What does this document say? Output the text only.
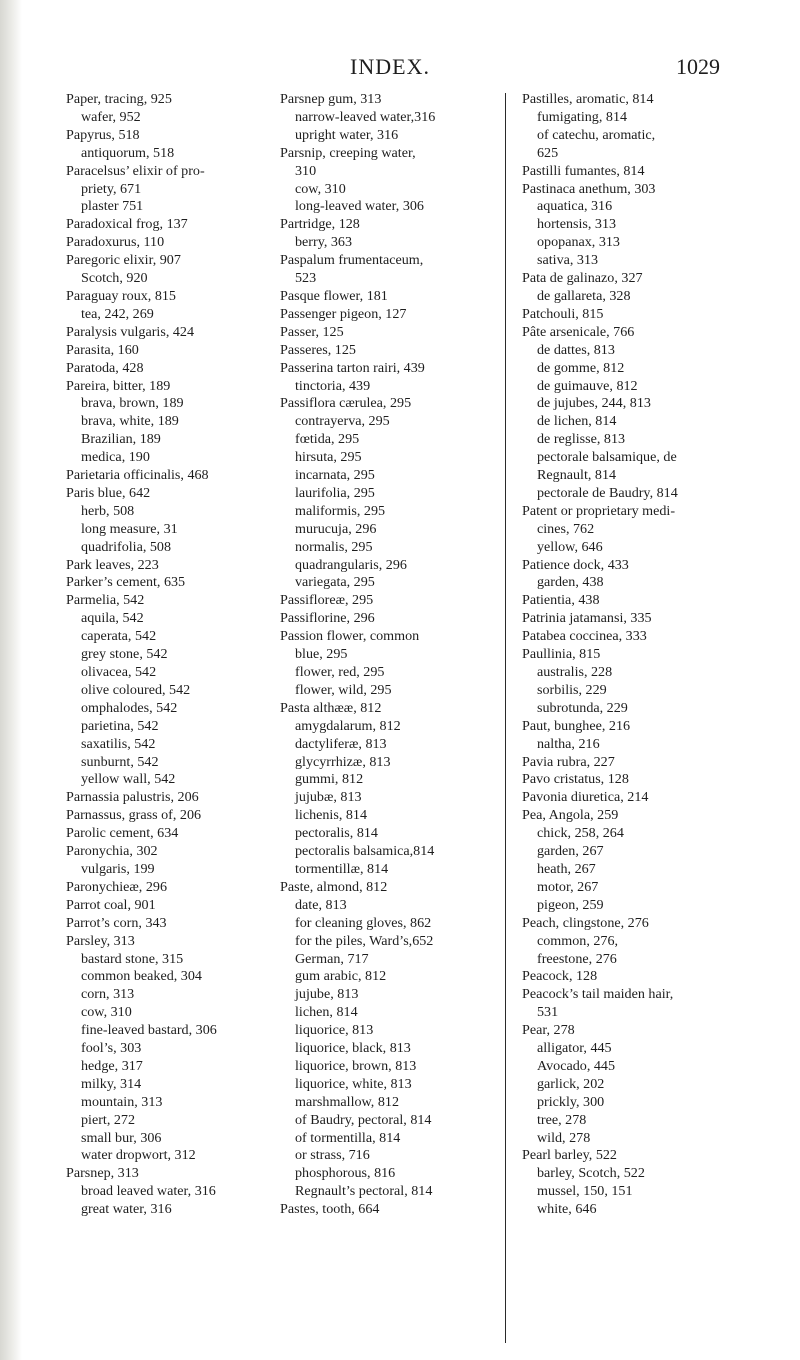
INDEX.	1029
Paper, tracing, 925
wafer, 952
Papyrus, 518
antiquorum, 518
Paracelsus’ elixir of pro-
priety, 671
plaster 751
Paradoxical frog, 137
Paradoxurus, 110
Paregoric elixir, 907
Scotch, 920
Paraguay roux, 815
tea, 242, 269
Paralysis vulgaris, 424
Parasita, 160
Paratoda, 428
Pareira, bitter, 189
brava, brown, 189
brava, white, 189
Brazilian, 189
medica, 190
Parietaria officinalis, 468
Paris blue, 642
herb, 508
long measure, 31
quadrifolia, 508
Park leaves, 223
Parker’s cement, 635
Parmelia, 542
aquila, 542
caperata, 542
grey stone, 542
olivacea, 542
olive coloured, 542
omphalodes, 542
parietina, 542
saxatilis, 542
sunburnt, 542
yellow wall, 542
Parnassia palustris, 206
Parnassus, grass of, 206
Parolic cement, 634
Paronychia, 302
vulgaris, 199
Paronychieæ, 296
Parrot coal, 901
Parrot’s corn, 343
Parsley, 313
bastard stone, 315
common beaked, 304
corn, 313
cow, 310
fine-leaved bastard, 306
fool’s, 303
hedge, 317
milky, 314
mountain, 313
piert, 272
small bur, 306
water dropwort, 312
Parsnep, 313
broad leaved water, 316
great water, 316
Parsnep gum, 313
narrow-leaved water,316
upright water, 316
Parsnip, creeping water,
310
cow, 310
long-leaved water, 306
Partridge, 128
berry, 363
Paspalum frumentaceum,
523
Pasque flower, 181
Passenger pigeon, 127
Passer, 125
Passeres, 125
Passerina tarton rairi, 439
tinctoria, 439
Passiflora cærulea, 295
contrayerva, 295
fœtida, 295
hirsuta, 295
incarnata, 295
laurifolia, 295
maliformis, 295
murucuja, 296
normalis, 295
quadrangularis, 296
variegata, 295
Passifloreæ, 295
Passiflorine, 296
Passion flower, common
blue, 295
flower, red, 295
flower, wild, 295
Pasta althææ, 812
amygdalarum, 812
dactyliferæ, 813
glycyrrhizæ, 813
gummi, 812
jujubæ, 813
lichenis, 814
pectoralis, 814
pectoralis balsamica,814
tormentillæ, 814
Paste, almond, 812
date, 813
for cleaning gloves, 862
for the piles, Ward’s,652
German, 717
gum arabic, 812
jujube, 813
lichen, 814
liquorice, 813
liquorice, black, 813
liquorice, brown, 813
liquorice, white, 813
marshmallow, 812
of Baudry, pectoral, 814
of tormentilla, 814
or strass, 716
phosphorous, 816
Regnault’s pectoral, 814
Pastes, tooth, 664
Pastilles, aromatic, 814
fumigating, 814
of catechu, aromatic,
625
Pastilli fumantes, 814
Pastinaca anethum, 303
aquatica, 316
hortensis, 313
opopanax, 313
sativa, 313
Pata de galinazo, 327
de gallareta, 328
Patchouli, 815
Pâte arsenicale, 766
de dattes, 813
de gomme, 812
de guimauve, 812
de jujubes, 244, 813
de lichen, 814
de reglisse, 813
pectorale balsamique, de
Regnault, 814
pectorale de Baudry, 814
Patent or proprietary medi-
cines, 762
yellow, 646
Patience dock, 433
garden, 438
Patientia, 438
Patrinia jatamansi, 335
Patabea coccinea, 333
Paullinia, 815
australis, 228
sorbilis, 229
subrotunda, 229
Paut, bunghee, 216
naltha, 216
Pavia rubra, 227
Pavo cristatus, 128
Pavonia diuretica, 214
Pea, Angola, 259
chick, 258, 264
garden, 267
heath, 267
motor, 267
pigeon, 259
Peach, clingstone, 276
common, 276,
freestone, 276
Peacock, 128
Peacock’s tail maiden hair,
531
Pear, 278
alligator, 445
Avocado, 445
garlick, 202
prickly, 300
tree, 278
wild, 278
Pearl barley, 522
barley, Scotch, 522
mussel, 150, 151
white, 646
